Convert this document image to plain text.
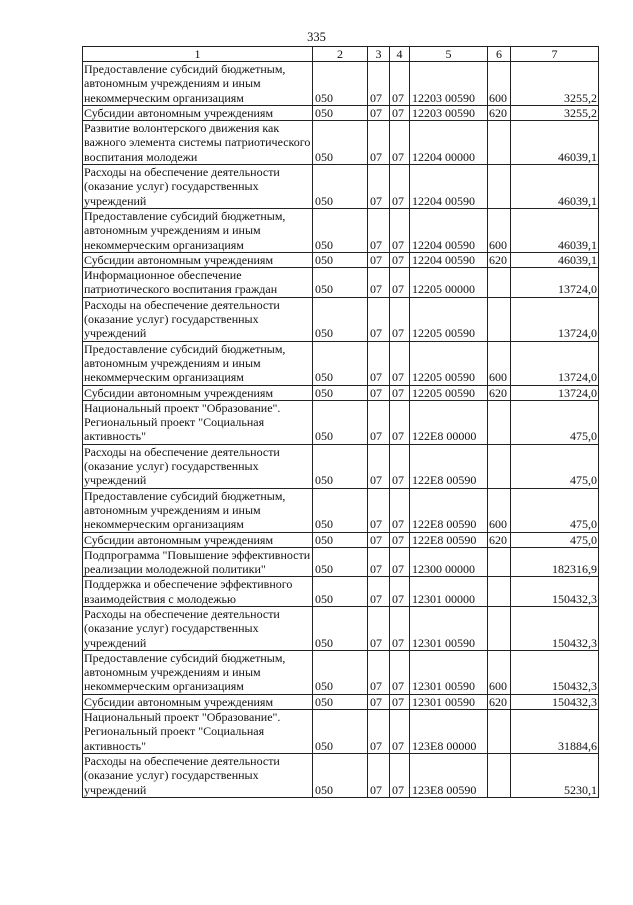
335
1	2	3	4	5	6	7
Предоставление субсидий бюджетным, автономным учреждениям и иным некоммерческим организациям	050	07	07	12203 00590	600	3255,2
Субсидии автономным учреждениям	050	07	07	12203 00590	620	3255,2
Развитие волонтерского движения как важного элемента системы патриотического воспитания молодежи	050	07	07	12204 00000		46039,1
Расходы на обеспечение деятельности (оказание услуг) государственных учреждений	050	07	07	12204 00590		46039,1
Предоставление субсидий бюджетным, автономным учреждениям и иным некоммерческим организациям	050	07	07	12204 00590	600	46039,1
Субсидии автономным учреждениям	050	07	07	12204 00590	620	46039,1
Информационное обеспечение патриотического воспитания граждан	050	07	07	12205 00000		13724,0
Расходы на обеспечение деятельности (оказание услуг) государственных учреждений	050	07	07	12205 00590		13724,0
Предоставление субсидий бюджетным, автономным учреждениям и иным некоммерческим организациям	050	07	07	12205 00590	600	13724,0
Субсидии автономным учреждениям	050	07	07	12205 00590	620	13724,0
Национальный проект "Образование". Региональный проект "Социальная активность"	050	07	07	122E8 00000		475,0
Расходы на обеспечение деятельности (оказание услуг) государственных учреждений	050	07	07	122E8 00590		475,0
Предоставление субсидий бюджетным, автономным учреждениям и иным некоммерческим организациям	050	07	07	122E8 00590	600	475,0
Субсидии автономным учреждениям	050	07	07	122E8 00590	620	475,0
Подпрограмма "Повышение эффективности реализации молодежной политики"	050	07	07	12300 00000		182316,9
Поддержка и обеспечение эффективного взаимодействия с молодежью	050	07	07	12301 00000		150432,3
Расходы на обеспечение деятельности (оказание услуг) государственных учреждений	050	07	07	12301 00590		150432,3
Предоставление субсидий бюджетным, автономным учреждениям и иным некоммерческим организациям	050	07	07	12301 00590	600	150432,3
Субсидии автономным учреждениям	050	07	07	12301 00590	620	150432,3
Национальный проект "Образование". Региональный проект "Социальная активность"	050	07	07	123E8 00000		31884,6
Расходы на обеспечение деятельности (оказание услуг) государственных учреждений	050	07	07	123E8 00590		5230,1
